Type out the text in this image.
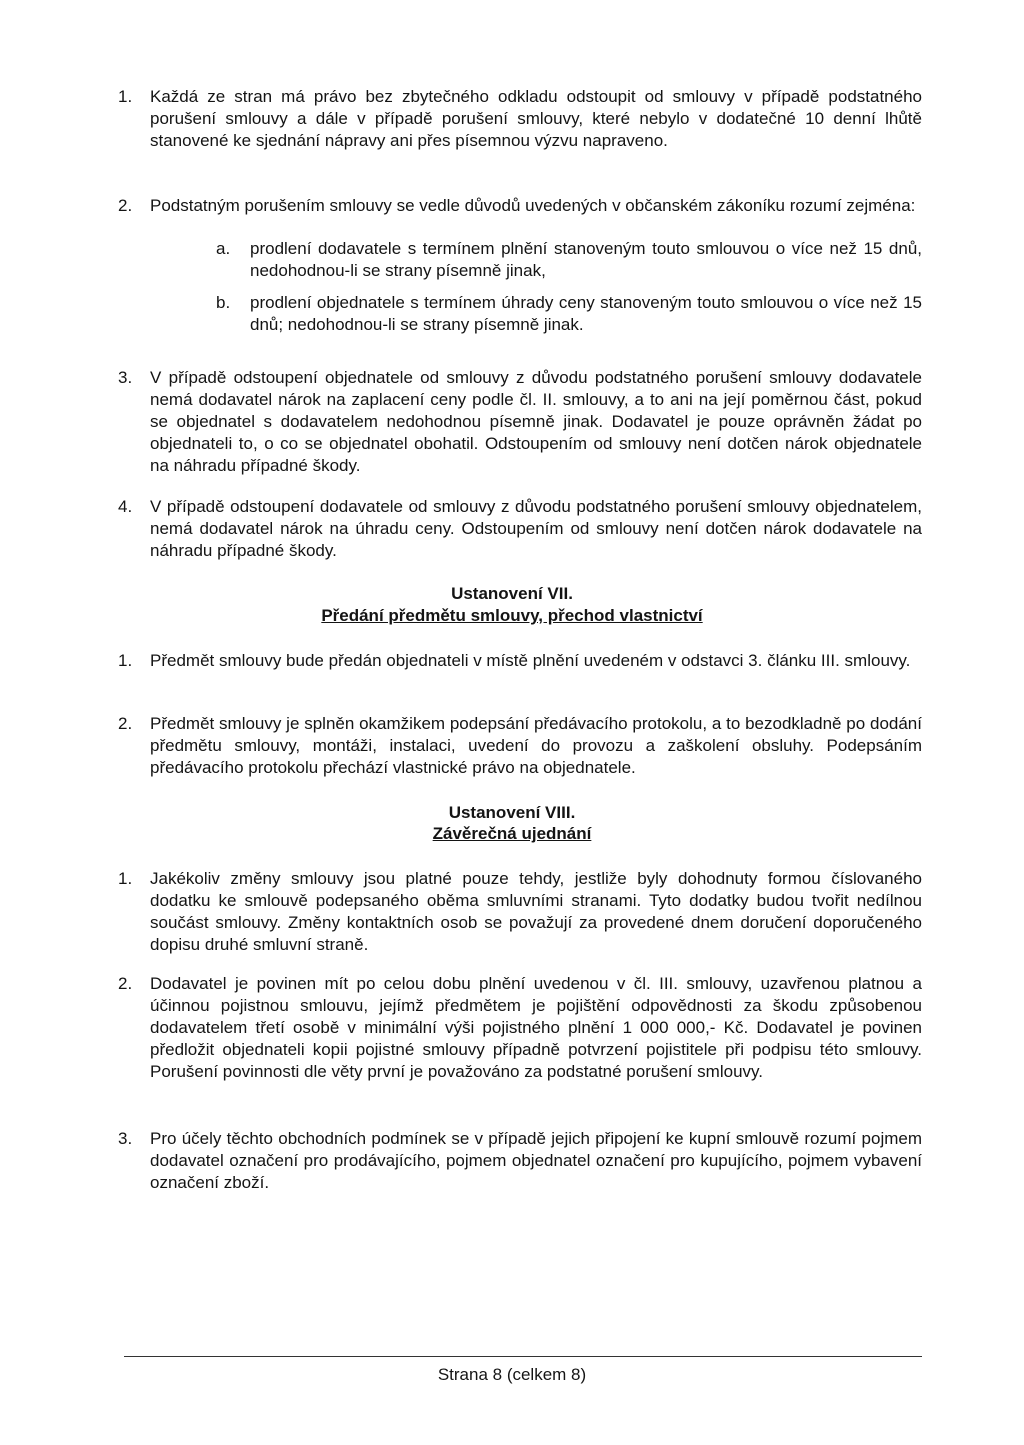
1.	Každá ze stran má právo bez zbytečného odkladu odstoupit od smlouvy v případě podstatného porušení smlouvy a dále v případě porušení smlouvy, které nebylo v dodatečné 10 denní lhůtě stanovené ke sjednání nápravy ani přes písemnou výzvu napraveno.
2.	Podstatným porušením smlouvy se vedle důvodů uvedených v občanském zákoníku rozumí zejména:
a.	prodlení dodavatele s termínem plnění stanoveným touto smlouvou o více než 15 dnů, nedohodnou-li se strany písemně jinak,
b.	prodlení objednatele s termínem úhrady ceny stanoveným touto smlouvou o více než 15 dnů; nedohodnou-li se strany písemně jinak.
3.	V případě odstoupení objednatele od smlouvy z důvodu podstatného porušení smlouvy dodavatele nemá dodavatel nárok na zaplacení ceny podle čl. II. smlouvy, a to ani na její poměrnou část, pokud se objednatel s dodavatelem nedohodnou písemně jinak. Dodavatel je pouze oprávněn žádat po objednateli to, o co se objednatel obohatil. Odstoupením od smlouvy není dotčen nárok objednatele na náhradu případné škody.
4.	V případě odstoupení dodavatele od smlouvy z důvodu podstatného porušení smlouvy objednatelem, nemá dodavatel nárok na úhradu ceny. Odstoupením od smlouvy není dotčen nárok dodavatele na náhradu případné škody.
Ustanovení VII.
Předání předmětu smlouvy, přechod vlastnictví
1.	Předmět smlouvy bude předán objednateli v místě plnění uvedeném v odstavci 3. článku III. smlouvy.
2.	Předmět smlouvy je splněn okamžikem podepsání předávacího protokolu, a to bezodkladně po dodání předmětu smlouvy, montáži, instalaci, uvedení do provozu a zaškolení obsluhy. Podepsáním předávacího protokolu přechází vlastnické právo na objednatele.
Ustanovení VIII.
Závěrečná ujednání
1.	Jakékoliv změny smlouvy jsou platné pouze tehdy, jestliže byly dohodnuty formou číslovaného dodatku ke smlouvě podepsaného oběma smluvními stranami. Tyto dodatky budou tvořit nedílnou součást smlouvy. Změny kontaktních osob se považují za provedené dnem doručení doporučeného dopisu druhé smluvní straně.
2.	Dodavatel je povinen mít po celou dobu plnění uvedenou v čl. III. smlouvy, uzavřenou platnou a účinnou pojistnou smlouvu, jejímž předmětem je pojištění odpovědnosti za škodu způsobenou dodavatelem třetí osobě v minimální výši pojistného plnění 1 000 000,- Kč. Dodavatel je povinen předložit objednateli kopii pojistné smlouvy případně potvrzení pojistitele při podpisu této smlouvy. Porušení povinnosti dle věty první je považováno za podstatné porušení smlouvy.
3.	Pro účely těchto obchodních podmínek se v případě jejich připojení ke kupní smlouvě rozumí pojmem dodavatel označení pro prodávajícího, pojmem objednatel označení pro kupujícího, pojmem vybavení označení zboží.
Strana 8 (celkem 8)
